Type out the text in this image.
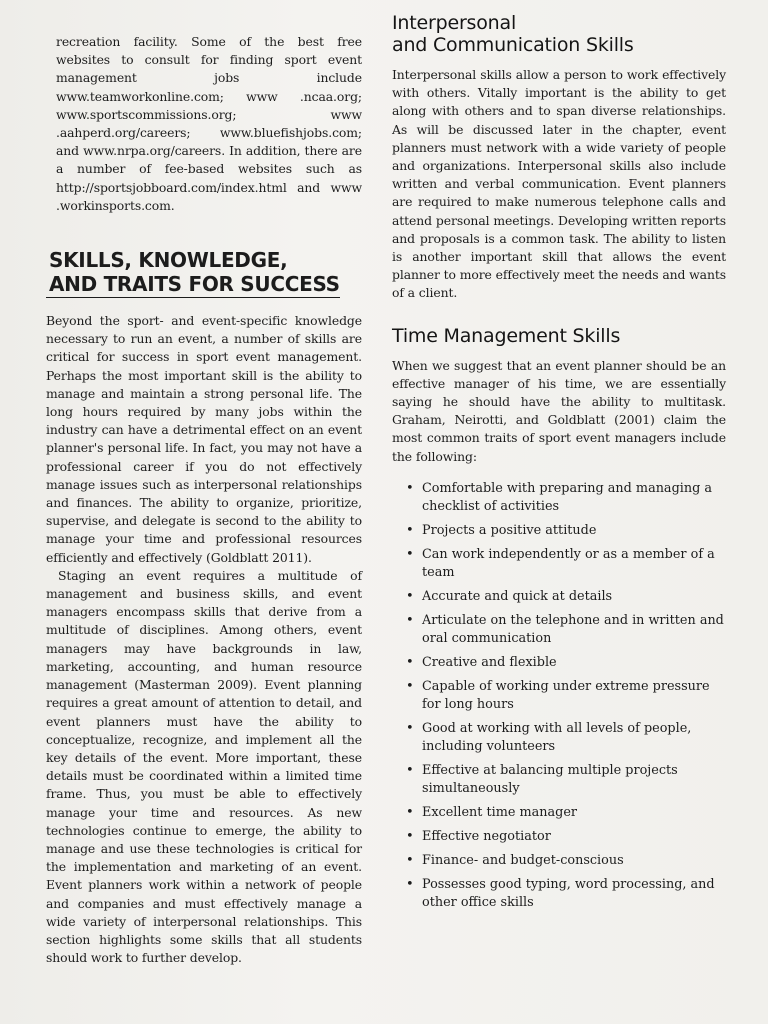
recreation facility. Some of the best free websites to consult for finding sport event management jobs include www.teamworkonline.com; www .ncaa.org; www.sportscommissions.org; www .aahperd.org/careers; www.bluefishjobs.com; and www.nrpa.org/careers. In addition, there are a number of fee-based websites such as http://sportsjobboard.com/index.html and www .workinsports.com.

SKILLS, KNOWLEDGE,
AND TRAITS FOR SUCCESS

Beyond the sport- and event-specific knowledge necessary to run an event, a number of skills are critical for success in sport event management. Perhaps the most important skill is the ability to manage and maintain a strong personal life. The long hours required by many jobs within the industry can have a detrimental effect on an event planner's personal life. In fact, you may not have a professional career if you do not effectively manage issues such as interpersonal relationships and finances. The ability to organize, prioritize, supervise, and delegate is second to the ability to manage your time and professional resources efficiently and effectively (Goldblatt 2011).

Staging an event requires a multitude of management and business skills, and event managers encompass skills that derive from a multitude of disciplines. Among others, event managers may have backgrounds in law, marketing, accounting, and human resource management (Masterman 2009). Event planning requires a great amount of attention to detail, and event planners must have the ability to conceptualize, recognize, and implement all the key details of the event. More important, these details must be coordinated within a limited time frame. Thus, you must be able to effectively manage your time and resources. As new technologies continue to emerge, the ability to manage and use these technologies is critical for the implementation and marketing of an event. Event planners work within a network of people and companies and must effectively manage a wide variety of interpersonal relationships. This section highlights some skills that all students should work to further develop.

Interpersonal
and Communication Skills

Interpersonal skills allow a person to work effectively with others. Vitally important is the ability to get along with others and to span diverse relationships. As will be discussed later in the chapter, event planners must network with a wide variety of people and organizations. Interpersonal skills also include written and verbal communication. Event planners are required to make numerous telephone calls and attend personal meetings. Developing written reports and proposals is a common task. The ability to listen is another important skill that allows the event planner to more effectively meet the needs and wants of a client.

Time Management Skills

When we suggest that an event planner should be an effective manager of his time, we are essentially saying he should have the ability to multitask. Graham, Neirotti, and Goldblatt (2001) claim the most common traits of sport event managers include the following:

• Comfortable with preparing and managing a checklist of activities
• Projects a positive attitude
• Can work independently or as a member of a team
• Accurate and quick at details
• Articulate on the telephone and in written and oral communication
• Creative and flexible
• Capable of working under extreme pressure for long hours
• Good at working with all levels of people, including volunteers
• Effective at balancing multiple projects simultaneously
• Excellent time manager
• Effective negotiator
• Finance- and budget-conscious
• Possesses good typing, word processing, and other office skills
